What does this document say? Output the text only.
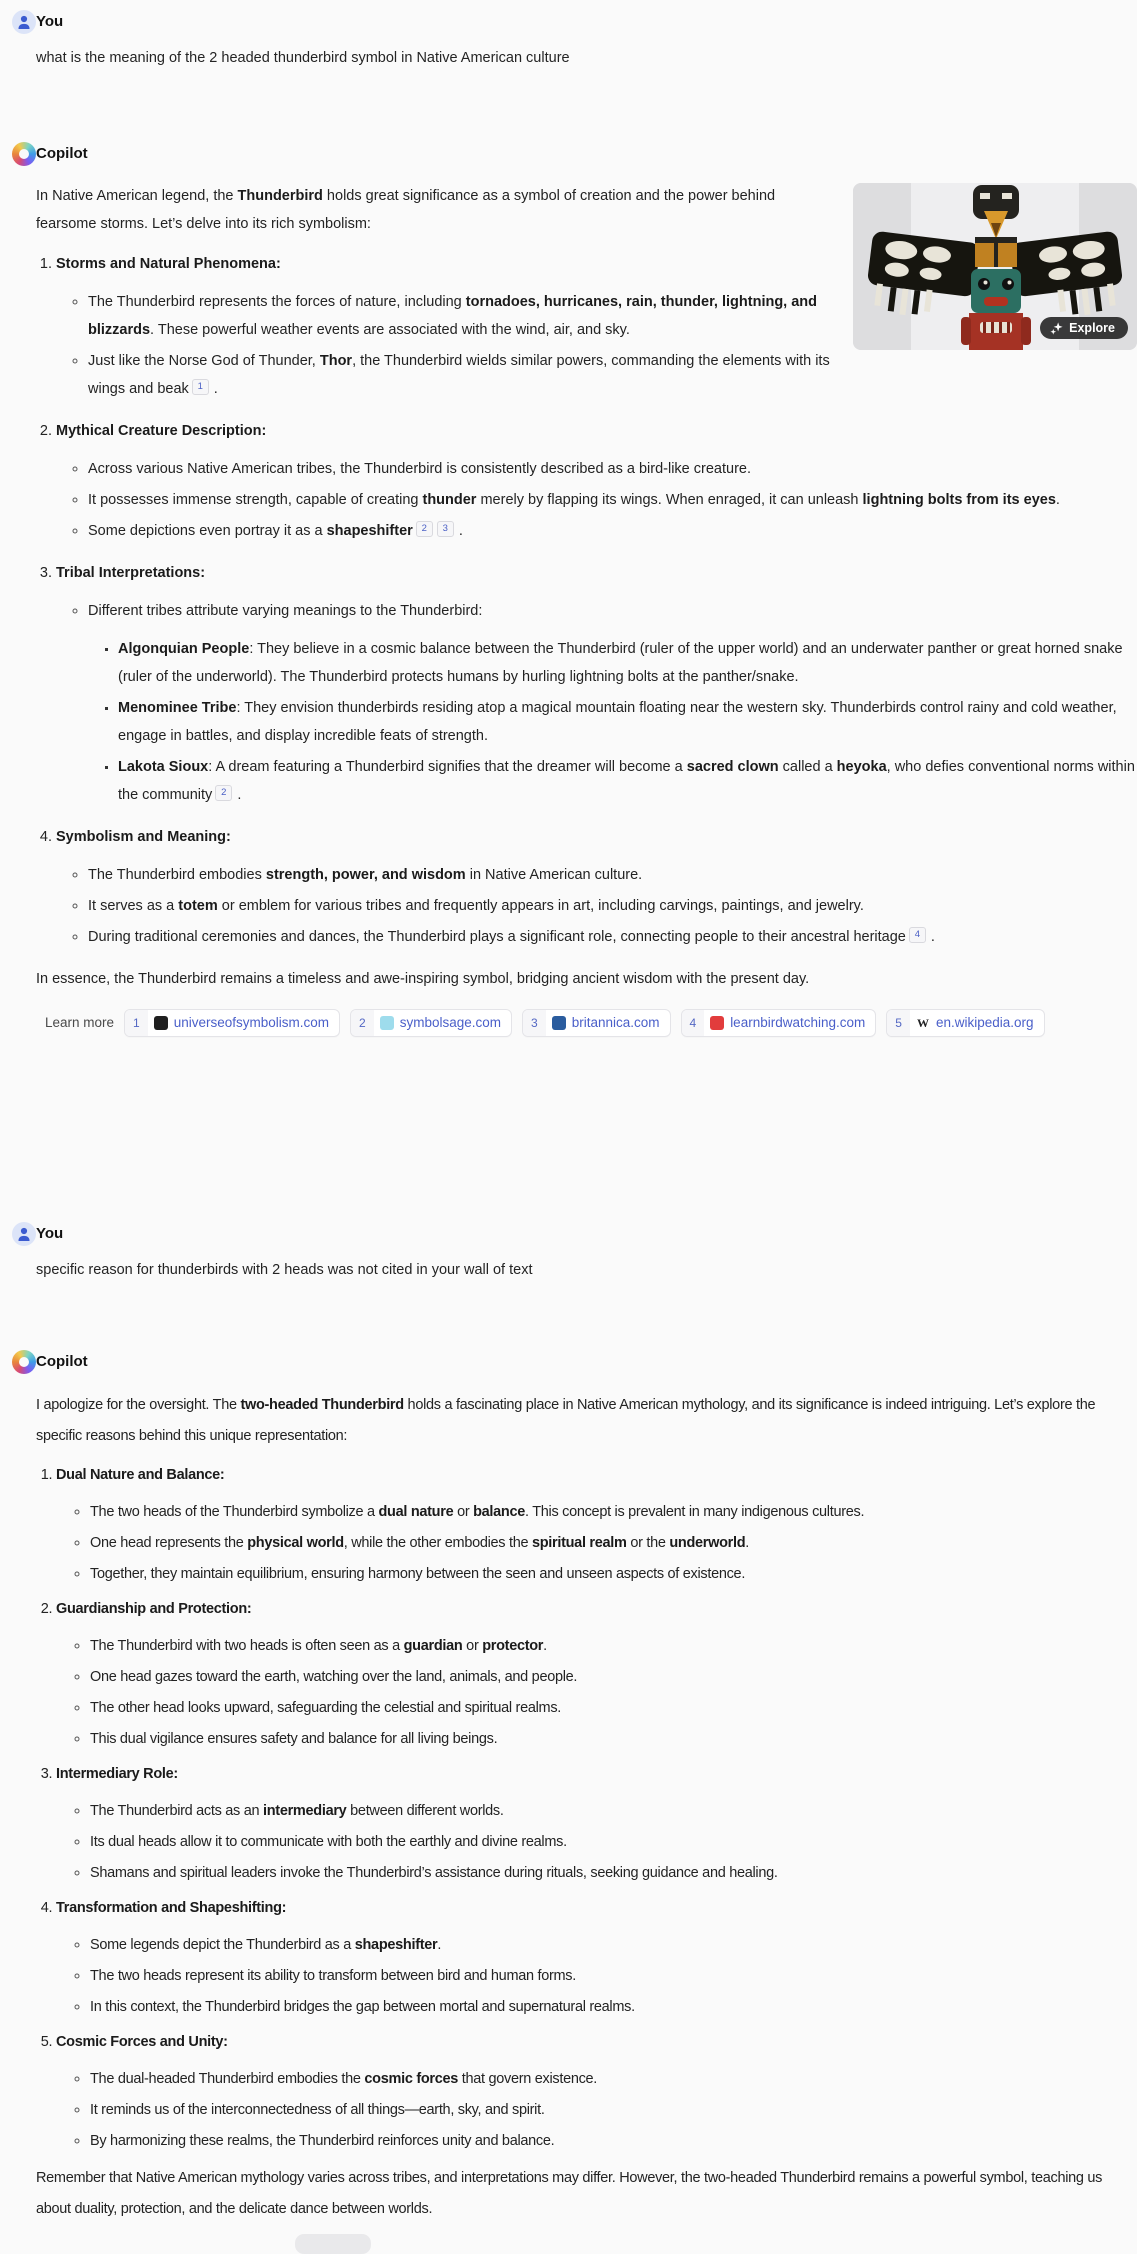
You
what is the meaning of the 2 headed thunderbird symbol in Native American culture
Copilot
Explore

In Native American legend, the Thunderbird holds great significance as a symbol of creation and the power behind fearsome storms. Let’s delve into its rich symbolism:

1. Storms and Natural Phenomena:
◦ The Thunderbird represents the forces of nature, including tornadoes, hurricanes, rain, thunder, lightning, and blizzards. These powerful weather events are associated with the wind, air, and sky.
◦ Just like the Norse God of Thunder, Thor, the Thunderbird wields similar powers, commanding the elements with its wings and beak 1 .
2. Mythical Creature Description:
◦ Across various Native American tribes, the Thunderbird is consistently described as a bird-like creature.
◦ It possesses immense strength, capable of creating thunder merely by flapping its wings. When enraged, it can unleash lightning bolts from its eyes.
◦ Some depictions even portray it as a shapeshifter 2 3 .
3. Tribal Interpretations:
◦ Different tribes attribute varying meanings to the Thunderbird:
▪ Algonquian People: They believe in a cosmic balance between the Thunderbird (ruler of the upper world) and an underwater panther or great horned snake (ruler of the underworld). The Thunderbird protects humans by hurling lightning bolts at the panther/snake.
▪ Menominee Tribe: They envision thunderbirds residing atop a magical mountain floating near the western sky. Thunderbirds control rainy and cold weather, engage in battles, and display incredible feats of strength.
▪ Lakota Sioux: A dream featuring a Thunderbird signifies that the dreamer will become a sacred clown called a heyoka, who defies conventional norms within the community 2 .
4. Symbolism and Meaning:
◦ The Thunderbird embodies strength, power, and wisdom in Native American culture.
◦ It serves as a totem or emblem for various tribes and frequently appears in art, including carvings, paintings, and jewelry.
◦ During traditional ceremonies and dances, the Thunderbird plays a significant role, connecting people to their ancestral heritage 4 .

In essence, the Thunderbird remains a timeless and awe-inspiring symbol, bridging ancient wisdom with the present day.

Learn more	1	universeofsymbolism.com	2	symbolsage.com	3	britannica.com	4	learnbirdwatching.com	5	W en.wikipedia.org
You
specific reason for thunderbirds with 2 heads was not cited in your wall of text
Copilot

I apologize for the oversight. The two-headed Thunderbird holds a fascinating place in Native American mythology, and its significance is indeed intriguing. Let’s explore the specific reasons behind this unique representation:

1. Dual Nature and Balance:
◦ The two heads of the Thunderbird symbolize a dual nature or balance. This concept is prevalent in many indigenous cultures.
◦ One head represents the physical world, while the other embodies the spiritual realm or the underworld.
◦ Together, they maintain equilibrium, ensuring harmony between the seen and unseen aspects of existence.
2. Guardianship and Protection:
◦ The Thunderbird with two heads is often seen as a guardian or protector.
◦ One head gazes toward the earth, watching over the land, animals, and people.
◦ The other head looks upward, safeguarding the celestial and spiritual realms.
◦ This dual vigilance ensures safety and balance for all living beings.
3. Intermediary Role:
◦ The Thunderbird acts as an intermediary between different worlds.
◦ Its dual heads allow it to communicate with both the earthly and divine realms.
◦ Shamans and spiritual leaders invoke the Thunderbird’s assistance during rituals, seeking guidance and healing.
4. Transformation and Shapeshifting:
◦ Some legends depict the Thunderbird as a shapeshifter.
◦ The two heads represent its ability to transform between bird and human forms.
◦ In this context, the Thunderbird bridges the gap between mortal and supernatural realms.
5. Cosmic Forces and Unity:
◦ The dual-headed Thunderbird embodies the cosmic forces that govern existence.
◦ It reminds us of the interconnectedness of all things—earth, sky, and spirit.
◦ By harmonizing these realms, the Thunderbird reinforces unity and balance.

Remember that Native American mythology varies across tribes, and interpretations may differ. However, the two-headed Thunderbird remains a powerful symbol, teaching us about duality, protection, and the delicate dance between worlds.
